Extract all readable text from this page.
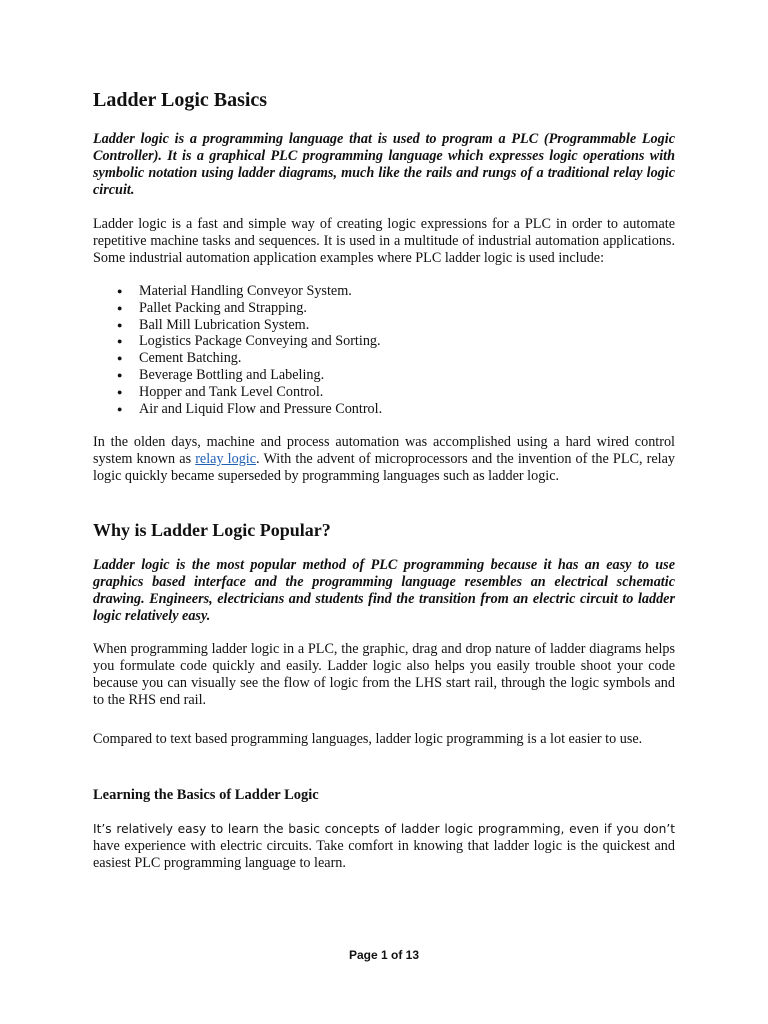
Ladder Logic Basics

Ladder logic is a programming language that is used to program a PLC (Programmable Logic Controller). It is a graphical PLC programming language which expresses logic operations with symbolic notation using ladder diagrams, much like the rails and rungs of a traditional relay logic circuit.

Ladder logic is a fast and simple way of creating logic expressions for a PLC in order to automate repetitive machine tasks and sequences. It is used in a multitude of industrial automation applications. Some industrial automation application examples where PLC ladder logic is used include:

● Material Handling Conveyor System.
● Pallet Packing and Strapping.
● Ball Mill Lubrication System.
● Logistics Package Conveying and Sorting.
● Cement Batching.
● Beverage Bottling and Labeling.
● Hopper and Tank Level Control.
● Air and Liquid Flow and Pressure Control.

In the olden days, machine and process automation was accomplished using a hard wired control system known as relay logic. With the advent of microprocessors and the invention of the PLC, relay logic quickly became superseded by programming languages such as ladder logic.

Why is Ladder Logic Popular?

Ladder logic is the most popular method of PLC programming because it has an easy to use graphics based interface and the programming language resembles an electrical schematic drawing. Engineers, electricians and students find the transition from an electric circuit to ladder logic relatively easy.

When programming ladder logic in a PLC, the graphic, drag and drop nature of ladder diagrams helps you formulate code quickly and easily. Ladder logic also helps you easily trouble shoot your code because you can visually see the flow of logic from the LHS start rail, through the logic symbols and to the RHS end rail.

Compared to text based programming languages, ladder logic programming is a lot easier to use.

Learning the Basics of Ladder Logic

It’s relatively easy to learn the basic concepts of ladder logic programming, even if you don’t have experience with electric circuits. Take comfort in knowing that ladder logic is the quickest and easiest PLC programming language to learn.

Page 1 of 13
